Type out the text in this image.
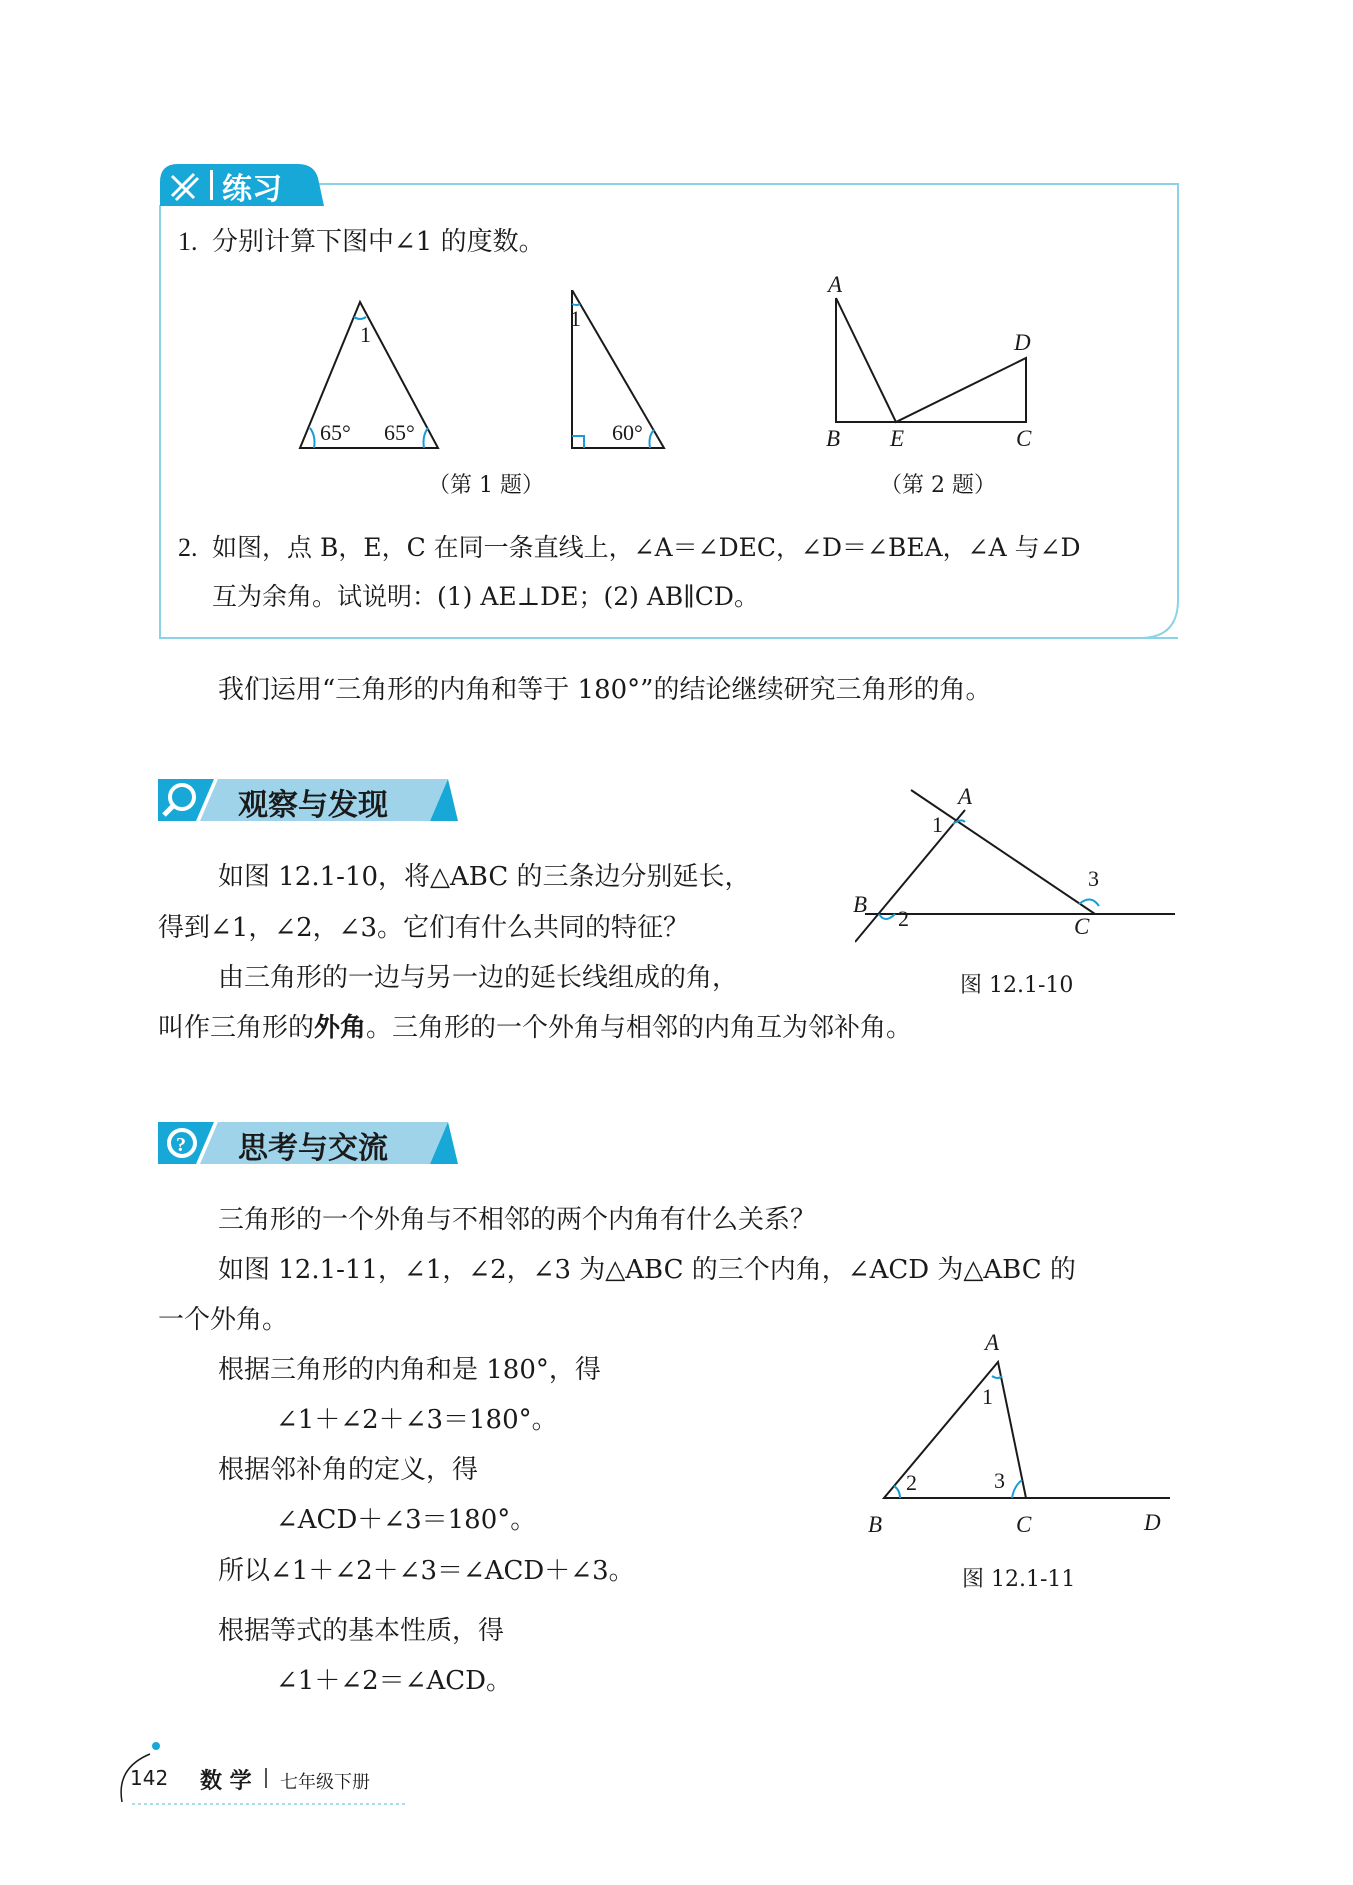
练习
1. 分别计算下图中∠1 的度数。
1
65° 65°
1
60°
（第 1 题）
A
D
B E	C
（第 2 题）
2. 如图，点 B，E，C 在同一条直线上，∠A＝∠DEC，∠D＝∠BEA，∠A 与∠D
互为余角。试说明：(1) AE⊥DE；(2) AB∥CD。
我们运用“三角形的内角和等于 180°”的结论继续研究三角形的角。
观察与发现
如图 12.1-10，将△ABC 的三条边分别延长，
得到∠1，∠2，∠3。它们有什么共同的特征？
由三角形的一边与另一边的延长线组成的角，
叫作三角形的外角。三角形的一个外角与相邻的内角互为邻补角。
A
1
3
B
2	C
图 12.1-10
? 思考与交流
三角形的一个外角与不相邻的两个内角有什么关系？
如图 12.1-11，∠1，∠2，∠3 为△ABC 的三个内角，∠ACD 为△ABC 的
一个外角。
根据三角形的内角和是 180°，得
∠1＋∠2＋∠3＝180°。
根据邻补角的定义，得
∠ACD＋∠3＝180°。
所以∠1＋∠2＋∠3＝∠ACD＋∠3。
根据等式的基本性质，得
∠1＋∠2＝∠ACD。
A
1
2	3
B	C	D
图 12.1-11
142 数 学 七年级下册
